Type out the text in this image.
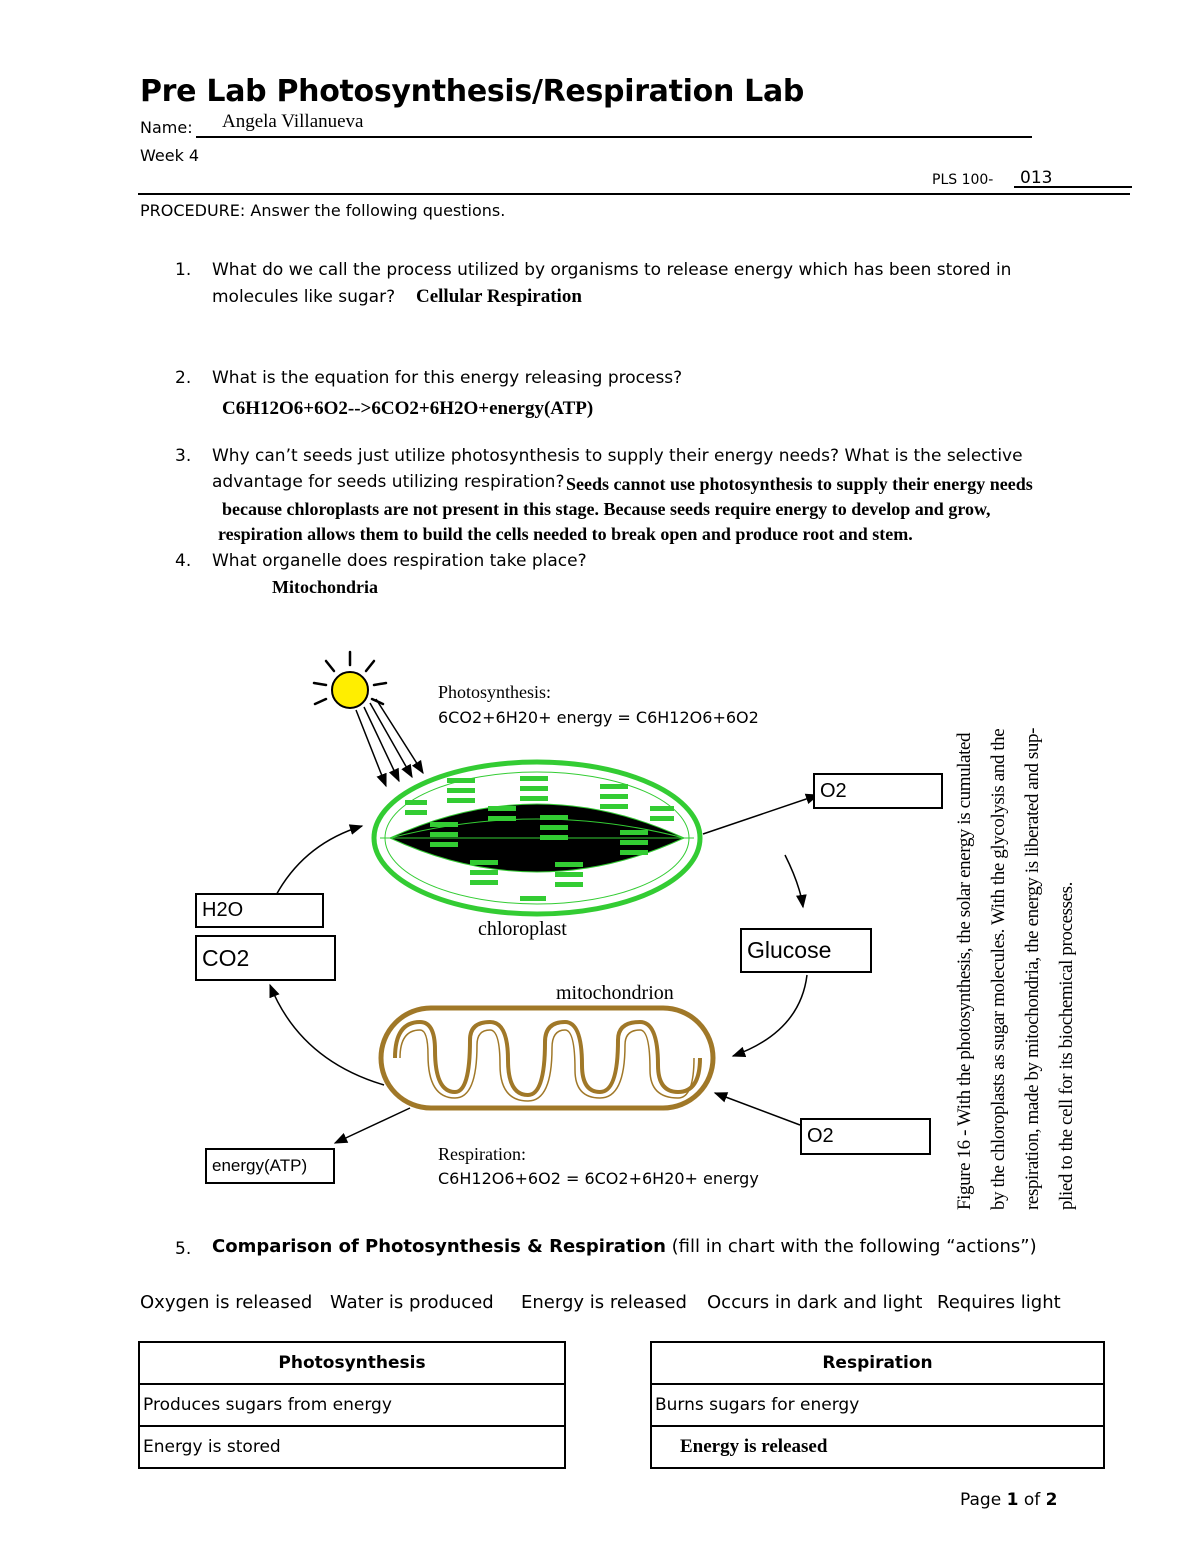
Pre Lab Photosynthesis/Respiration Lab
Name: Angela Villanueva
Week 4
PLS 100- 013
PROCEDURE: Answer the following questions.
1. What do we call the process utilized by organisms to release energy which has been stored in
molecules like sugar? Cellular Respiration
2. What is the equation for this energy releasing process?
C6H12O6+6O2-->6CO2+6H2O+energy(ATP)
3. Why can’t seeds just utilize photosynthesis to supply their energy needs? What is the selective
advantage for seeds utilizing respiration? Seeds cannot use photosynthesis to supply their energy needs
because chloroplasts are not present in this stage. Because seeds require energy to develop and grow,
respiration allows them to build the cells needed to break open and produce root and stem.
4. What organelle does respiration take place?
Mitochondria
Photosynthesis:
6CO2+6H20+ energy = C6H12O6+6O2
chloroplast
mitochondrion
Respiration:
C6H12O6+6O2 = 6CO2+6H20+ energy
O2
H2O
CO2	Glucose
O2
energy(ATP)	Figure 16 - With the photosynthesis, the solar energy is cumulated by the chloroplasts as sugar molecules. With the glycolysis and the respiration, made by mitochondria, the energy is liberated and sup- plied to the cell for its biochemical processes.
5. Comparison of Photosynthesis & Respiration (fill in chart with the following “actions”)
Oxygen is released Water is produced Energy is released Occurs in dark and light Requires light
Photosynthesis
Produces sugars from energy
Energy is stored
Respiration
Burns sugars for energy
Energy is released
Page 1 of 2
